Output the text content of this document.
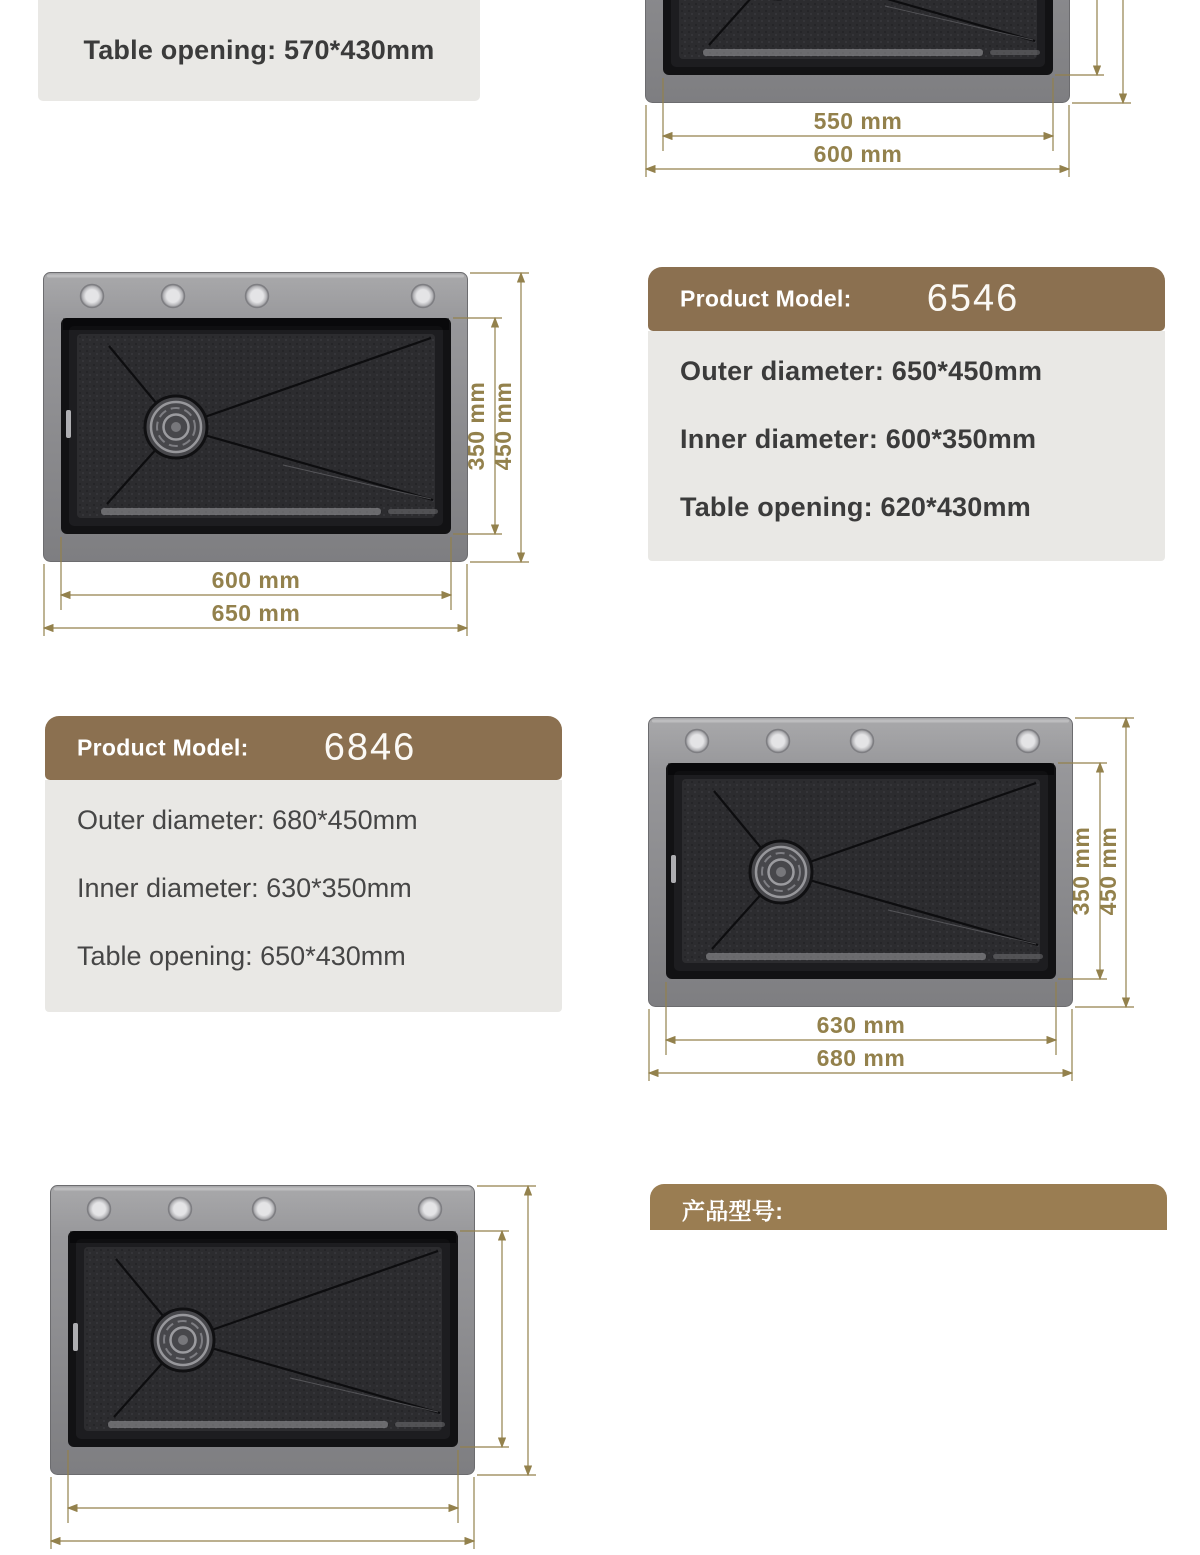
Table opening: 570*430mm
550 mm
600 mm
600 mm
650 mm
350 mm 450 mm
630 mm
680 mm
350 mm 450 mm
Product Model:	6546
Outer diameter: 650*450mm
Inner diameter: 600*350mm
Table opening: 620*430mm
Product Model:	6846
Outer diameter: 680*450mm
Inner diameter: 630*350mm
Table opening: 650*430mm
产品型号:
